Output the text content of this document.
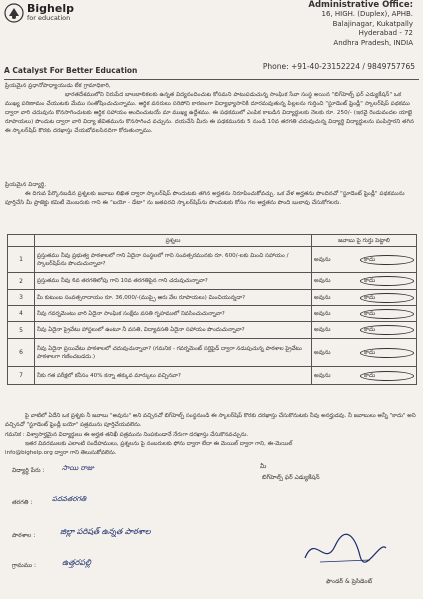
Bighelp
for education
A Catalyst For Better Education
Administrative Office:
16, HIGH. (Duplex), APHB.
Balajinagar, Kukatpally
Hyderabad - 72
Andhra Pradesh, INDIA
Phone: +91-40-23152224 / 9849757765

ప్రియమైన ప్రధానోపాధ్యాయుడు లేక గ్రామాధికారి,

భారతదేశములోని నిరుపేద బాలబాలికలకు ఉన్నత విద్యనందించుట కోసమని పాటుపడుచున్న సాంఘిక సేవా సంస్థ అయిన "బిగ్‌హెల్ప్ ఫర్ ఎడ్యుకేషన్" ఒక ముఖ్య పరిణామం చేయుటకు మేము సంతోషించుచున్నాము. ఆర్థిక వనరులు సరిపోని కారణంగా విద్యాభ్యాసానికి దూరమవుతున్న పిల్లలను గుర్తించి "స్టూడెంట్ ఫ్రెండ్లీ" స్కాలర్‌షిప్ పథకము ద్వారా వారి చదువును కొనసాగించుటకు ఆర్థిక సహాయం అందించుటయే మా ముఖ్య ఉద్దేశము. ఈ పథకములో ఎంపిక కాబడిన విద్యార్థులకు నెలకు రూ. 250/- (ఇరవై రెండువందల యాభై రూపాయలు) పొందుట ద్వారా వారి విద్యా జీవితమును కొనసాగించ వచ్చును. దయచేసి మీరు ఈ పథకమునకు 5 నుండి 10వ తరగతి చదువుచున్న విద్యార్థి విద్యార్థులను పంపిస్తారని తగిన ఈ స్కాలర్‌షిప్ కొరకు దరఖాస్తు చేయబోవలసినదిగా కోరుతున్నాము.

ప్రియమైన విద్యార్థి,

ఈ దిగువ పేర్కొనబడిన ప్రశ్నలకు జవాబు లిఖిత ద్వారా స్కాలర్‌షిప్ పొందుటకు తగిన అర్హతను నిరూపించుకోవచ్చు. ఒక వేళ అర్హతను పొందినచో "స్టూడెంట్ ఫ్రెండ్లీ" పథకమును పూర్తిచేసి మీ ప్రాజెక్టు కమిటీ మెంబరుకు గాని ఈ "బయో - డేటా" ను జతపరచి స్కాలర్‌షిప్‌ను పొందుటకు కోసం గల అర్హతను పొంది బులావు చేసుకోగలరు.

	ప్రశ్నలు	జవాబు పై గుర్తు పెట్టాలి
1	ప్రస్తుతము నీవు ప్రభుత్వ పాఠశాలలో గాని ఏదైనా సంస్థలలో గాని సంవత్సరమునకు రూ. 600/-లకు మించి సహాయం / స్కాలర్‌షిప్‌ను పొందుచున్నావా?	అవును కాదు
2	ప్రస్తుతము నీవు 6వ తరగతిలోపు గాని 10వ తరగతిపైన గాని చదువుచున్నావా?	అవును కాదు
3	మీ కుటుంబ సంవత్సరాదాయం రూ. 36,000/-(ముప్పై ఆరు వేల రూపాయలు) మించియున్నదా?	అవును కాదు
4	నీవు గవర్నమెంటు వారి ఏదైనా సాంఘిక సంక్షేమ వసతి గృహములో నివసించుచున్నావా?	అవును కాదు
5	నీవు ఏదైనా ప్రైవేటు హాస్టలులో ఉంటూ నీ వసతి, విద్యావసతి ఏదైనా సహాయం పొందుచున్నావా?	అవును కాదు
6	నీవు ఏదైనా ప్రయివేటు పాఠశాలలో చదువుచున్నావా? (గమనిక - గవర్నమెంట్ సర్టిఫైడ్ ద్వారా నడుపుచున్న పాఠశాల ప్రైవేటు పాఠశాలగా గణించబడదు.)	అవును కాదు
7	నీకు గత పరీక్షలో కనీసం 40% కన్నా తక్కువ మార్కులు వచ్చినవా?	అవును కాదు
పై వాటిలో ఏదేని ఒక ప్రశ్నకు నీ జవాబు "అవును" అని వచ్చినచో బిగ్‌హెల్ప్ సంస్థనుండి ఈ స్కాలర్‌షిప్ కొరకు దరఖాస్తు చేసుకొనుటకు నీవు అనర్హుడవు. నీ జవాబులు అన్నీ "కాదు" అని వచ్చినచో "స్టూడెంట్ ఫ్రెండ్లీ బయో" పత్రమును పూర్తిచేయవలెను.
గమనిక : విశ్వాసార్హమైన విద్యార్థులు ఈ అర్హత తనిఖీ పత్రమును నింపకుండానే నేరుగా దరఖాస్తు చేసుకొనవచ్చును.
ఇతర వివరములకు ఎలాంటి సందేహములు, ప్రశ్నలను పై నంబరులకు ఫోను ద్వారా లేదా ఈ మెయిల్ ద్వారా గాని, ఈ-మెయిల్
info@bighelp.org ద్వారా గాని తెలుసుకోవలెను.
విద్యార్థి పేరు : సాయి రాజు
తరగతి :	పదవతరగతి
పాఠశాల :	జిల్లా పరిషత్ ఉన్నత పాఠశాల
గ్రామము :	ఉత్తరపల్లి
మీ
బిగ్‌హెల్ప్ ఫర్ ఎడ్యుకేషన్
ఫౌండర్ & ప్రెసిడెంట్
